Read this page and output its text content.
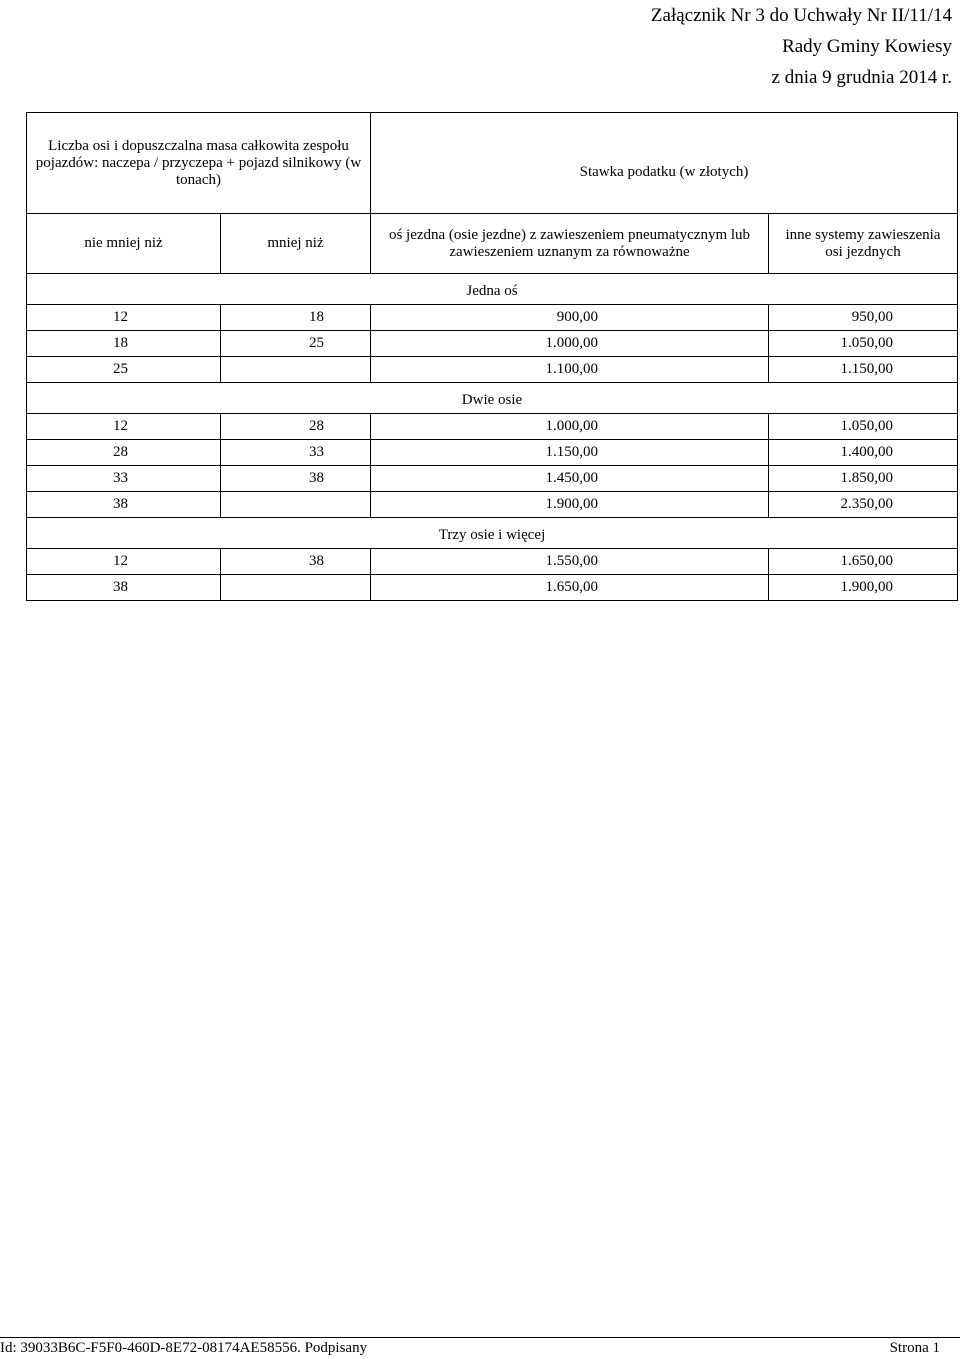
Załącznik Nr 3 do Uchwały Nr II/11/14
Rady Gminy Kowiesy
z dnia 9 grudnia 2014 r.
Liczba osi i dopuszczalna masa całkowita zespołu pojazdów: naczepa / przyczepa + pojazd silnikowy (w tonach)		Stawka podatku (w złotych)	
nie mniej niż	mniej niż	oś jezdna (osie jezdne) z zawieszeniem pneumatycznym lub zawieszeniem uznanym za równoważne	inne systemy zawieszenia osi jezdnych
Jedna oś			
12	18	900,00	950,00
18	25	1.000,00	1.050,00
25		1.100,00	1.150,00
Dwie osie			
12	28	1.000,00	1.050,00
28	33	1.150,00	1.400,00
33	38	1.450,00	1.850,00
38		1.900,00	2.350,00
Trzy osie i więcej			
12	38	1.550,00	1.650,00
38		1.650,00	1.900,00
Id: 39033B6C-F5F0-460D-8E72-08174AE58556. Podpisany	Strona 1
